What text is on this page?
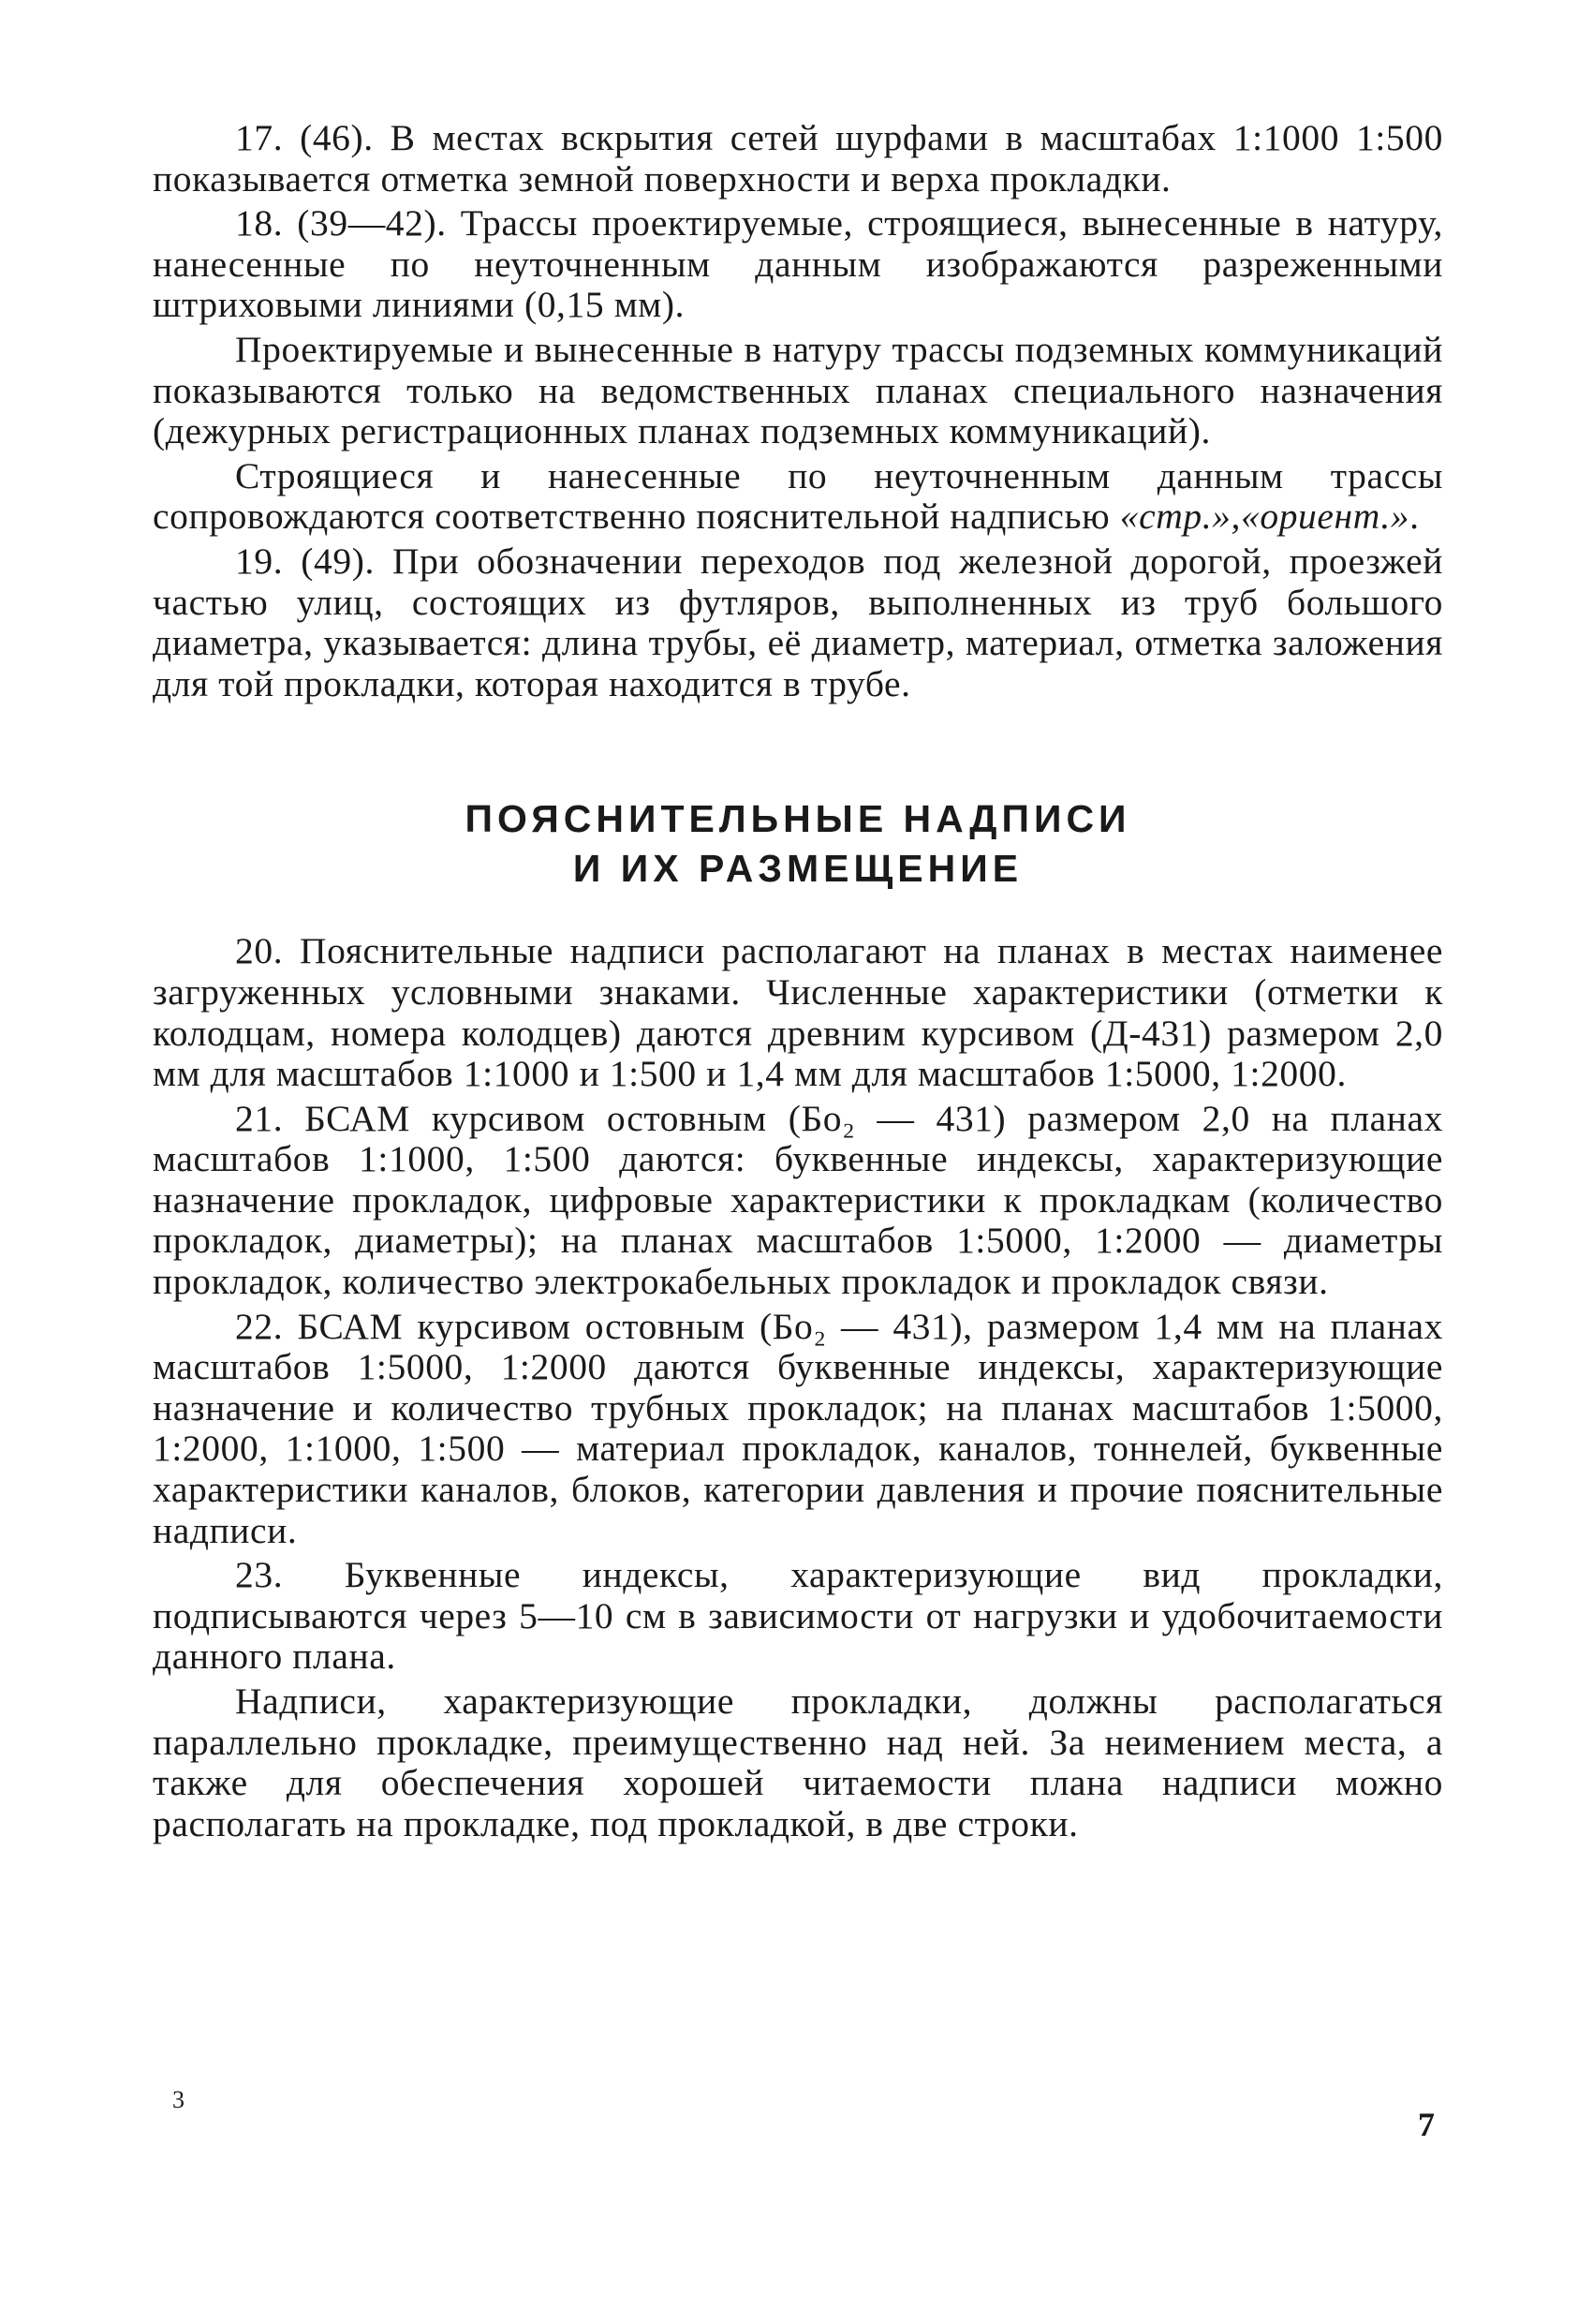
17. (46). В местах вскрытия сетей шурфами в масштабах 1:1000 1:500 показывается отметка земной поверхности и верха прокладки.

18. (39—42). Трассы проектируемые, строящиеся, вынесенные в натуру, нанесенные по неуточненным данным изображаются разреженными штриховыми линиями (0,15 мм).

Проектируемые и вынесенные в натуру трассы подземных коммуникаций показываются только на ведомственных планах специального назначения (дежурных регистрационных планах подземных коммуникаций).

Строящиеся и нанесенные по неуточненным данным трассы сопровождаются соответственно пояснительной надписью «стр.»,«ориент.».

19. (49). При обозначении переходов под железной дорогой, проезжей частью улиц, состоящих из футляров, выполненных из труб большого диаметра, указывается: длина трубы, её диаметр, материал, отметка заложения для той прокладки, которая находится в трубе.

ПОЯСНИТЕЛЬНЫЕ НАДПИСИ
И ИХ РАЗМЕЩЕНИЕ

20. Пояснительные надписи располагают на планах в местах наименее загруженных условными знаками. Численные характеристики (отметки к колодцам, номера колодцев) даются древним курсивом (Д-431) размером 2,0 мм для масштабов 1:1000 и 1:500 и 1,4 мм для масштабов 1:5000, 1:2000.

21. БСАМ курсивом остовным (Бо₂ — 431) размером 2,0 на планах масштабов 1:1000, 1:500 даются: буквенные индексы, характеризующие назначение прокладок, цифровые характеристики к прокладкам (количество прокладок, диаметры); на планах масштабов 1:5000, 1:2000 — диаметры прокладок, количество электрокабельных прокладок и прокладок связи.

22. БСАМ курсивом остовным (Бо₂ — 431), размером 1,4 мм на планах масштабов 1:5000, 1:2000 даются буквенные индексы, характеризующие назначение и количество трубных прокладок; на планах масштабов 1:5000, 1:2000, 1:1000, 1:500 — материал прокладок, каналов, тоннелей, буквенные характеристики каналов, блоков, категории давления и прочие пояснительные надписи.

23. Буквенные индексы, характеризующие вид прокладки, подписываются через 5—10 см в зависимости от нагрузки и удобочитаемости данного плана.

Надписи, характеризующие прокладки, должны располагаться параллельно прокладке, преимущественно над ней. За неимением места, а также для обеспечения хорошей читаемости плана надписи можно располагать на прокладке, под прокладкой, в две строки.

3
7
